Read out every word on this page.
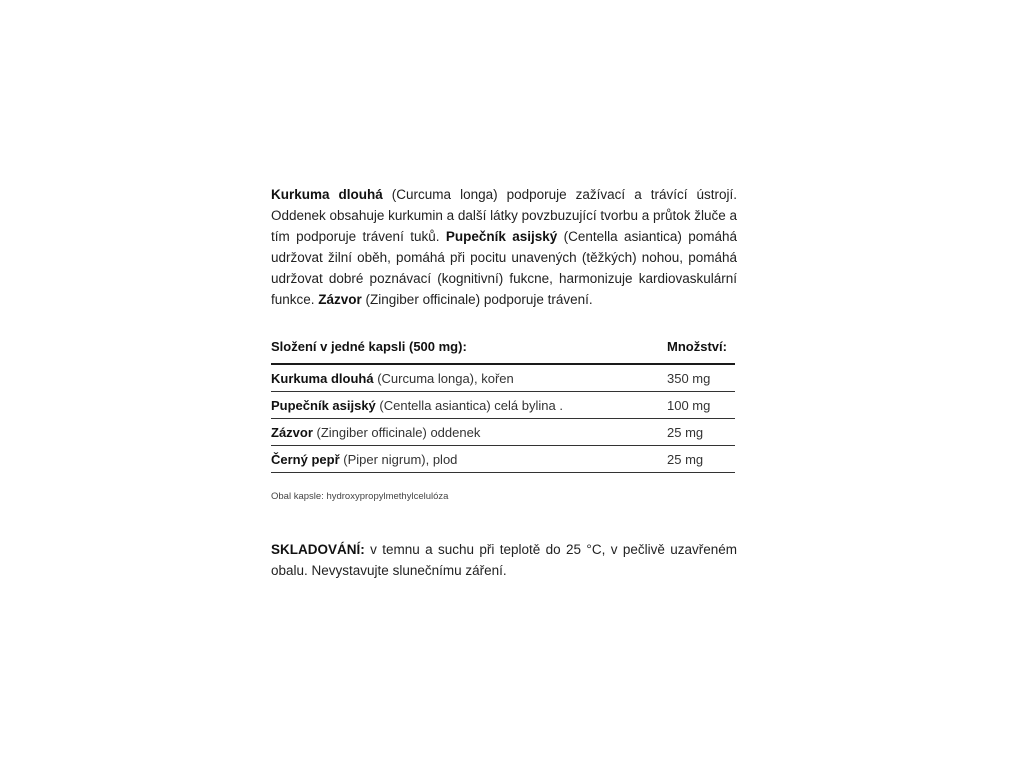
Kurkuma dlouhá (Curcuma longa) podporuje zažívací a trávící ústrojí. Oddenek obsahuje kurkumin a další látky povzbuzující tvorbu a průtok žluče a tím podporuje trávení tuků. Pupečník asijský (Centella asiantica) pomáhá udržovat žilní oběh, pomáhá při pocitu unavených (těžkých) nohou, pomáhá udržovat dobré poznávací (kognitivní) fukcne, harmonizuje kardiovaskulární funkce. Zázvor (Zingiber officinale) podporuje trávení.

Složení v jedné kapsli (500 mg):	Množství:
Kurkuma dlouhá (Curcuma longa), kořen	350 mg
Pupečník asijský (Centella asiantica) celá bylina .	100 mg
Zázvor (Zingiber officinale) oddenek	25 mg
Černý pepř (Piper nigrum), plod	25 mg
Obal kapsle: hydroxypropylmethylcelulóza

SKLADOVÁNÍ: v temnu a suchu při teplotě do 25 °C, v pečlivě uzavřeném obalu. Nevystavujte slunečnímu záření.
